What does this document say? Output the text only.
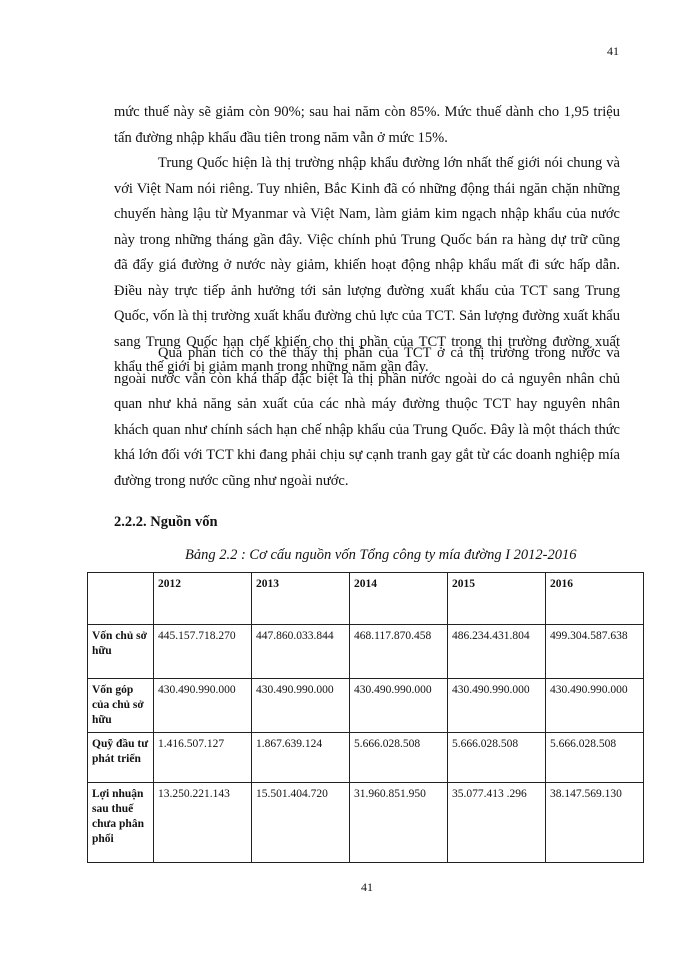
41

mức thuế này sẽ giảm còn 90%; sau hai năm còn 85%. Mức thuế dành cho 1,95 triệu tấn đường nhập khẩu đầu tiên trong năm vẫn ở mức 15%.

Trung Quốc hiện là thị trường nhập khẩu đường lớn nhất thế giới nói chung và với Việt Nam nói riêng. Tuy nhiên, Bắc Kinh đã có những động thái ngăn chặn những chuyến hàng lậu từ Myanmar và Việt Nam, làm giảm kim ngạch nhập khẩu của nước này trong những tháng gần đây. Việc chính phủ Trung Quốc bán ra hàng dự trữ cũng đã đẩy giá đường ở nước này giảm, khiến hoạt động nhập khẩu mất đi sức hấp dẫn. Điều này trực tiếp ảnh hưởng tới sản lượng đường xuất khẩu của TCT sang Trung Quốc, vốn là thị trường xuất khẩu đường chủ lực của TCT. Sản lượng đường xuất khẩu sang Trung Quốc hạn chế khiến cho thị phần của TCT trong thị trường đường xuất khẩu thế giới bị giảm mạnh trong những năm gần đây.

Qua phân tích có thể thấy thị phần của TCT ở cả thị trường trong nước và ngoài nước vẫn còn khá thấp đặc biệt là thị phần nước ngoài do cả nguyên nhân chủ quan như khả năng sản xuất của các nhà máy đường thuộc TCT hay nguyên nhân khách quan như chính sách hạn chế nhập khẩu của Trung Quốc. Đây là một thách thức khá lớn đối với TCT khi đang phải chịu sự cạnh tranh gay gắt từ các doanh nghiệp mía đường trong nước cũng như ngoài nước.

2.2.2. Nguồn vốn
Bảng 2.2 : Cơ cấu nguồn vốn Tổng công ty mía đường I 2012-2016
	2012	2013	2014	2015	2016
Vốn chủ sở hữu	445.157.718.270	447.860.033.844	468.117.870.458	486.234.431.804	499.304.587.638
Vốn góp của chủ sở hữu	430.490.990.000	430.490.990.000	430.490.990.000	430.490.990.000	430.490.990.000
Quỹ đầu tư phát triển	1.416.507.127	1.867.639.124	5.666.028.508	5.666.028.508	5.666.028.508
Lợi nhuận sau thuế chưa phân phối	13.250.221.143	15.501.404.720	31.960.851.950	35.077.413 .296	38.147.569.130
41
